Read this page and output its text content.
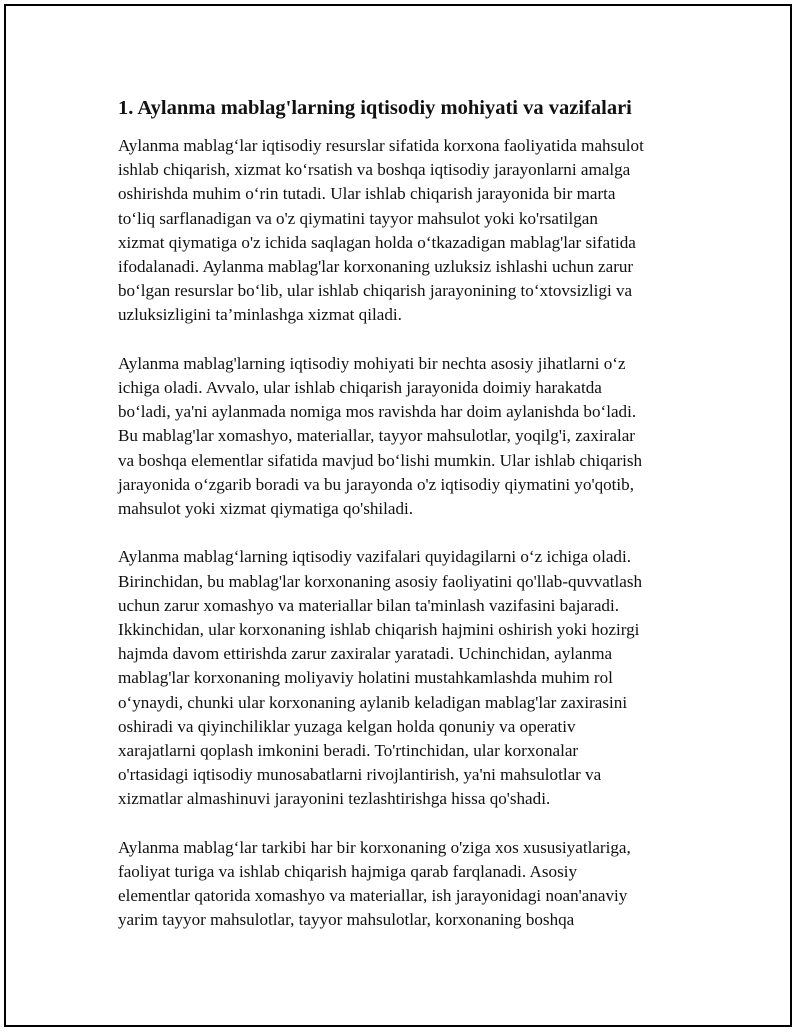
1. Aylanma mablag'larning iqtisodiy mohiyati va vazifalari

Aylanma mablag‘lar iqtisodiy resurslar sifatida korxona faoliyatida mahsulot
ishlab chiqarish, xizmat ko‘rsatish va boshqa iqtisodiy jarayonlarni amalga
oshirishda muhim o‘rin tutadi. Ular ishlab chiqarish jarayonida bir marta
to‘liq sarflanadigan va o'z qiymatini tayyor mahsulot yoki ko'rsatilgan
xizmat qiymatiga o'z ichida saqlagan holda o‘tkazadigan mablag'lar sifatida
ifodalanadi. Aylanma mablag'lar korxonaning uzluksiz ishlashi uchun zarur
bo‘lgan resurslar bo‘lib, ular ishlab chiqarish jarayonining to‘xtovsizligi va
uzluksizligini ta’minlashga xizmat qiladi.

Aylanma mablag'larning iqtisodiy mohiyati bir nechta asosiy jihatlarni o‘z
ichiga oladi. Avvalo, ular ishlab chiqarish jarayonida doimiy harakatda
bo‘ladi, ya'ni aylanmada nomiga mos ravishda har doim aylanishda bo‘ladi.
Bu mablag'lar xomashyo, materiallar, tayyor mahsulotlar, yoqilg'i, zaxiralar
va boshqa elementlar sifatida mavjud bo‘lishi mumkin. Ular ishlab chiqarish
jarayonida o‘zgarib boradi va bu jarayonda o'z iqtisodiy qiymatini yo'qotib,
mahsulot yoki xizmat qiymatiga qo'shiladi.

Aylanma mablag‘larning iqtisodiy vazifalari quyidagilarni o‘z ichiga oladi.
Birinchidan, bu mablag'lar korxonaning asosiy faoliyatini qo'llab-quvvatlash
uchun zarur xomashyo va materiallar bilan ta'minlash vazifasini bajaradi.
Ikkinchidan, ular korxonaning ishlab chiqarish hajmini oshirish yoki hozirgi
hajmda davom ettirishda zarur zaxiralar yaratadi. Uchinchidan, aylanma
mablag'lar korxonaning moliyaviy holatini mustahkamlashda muhim rol
o‘ynaydi, chunki ular korxonaning aylanib keladigan mablag'lar zaxirasini
oshiradi va qiyinchiliklar yuzaga kelgan holda qonuniy va operativ
xarajatlarni qoplash imkonini beradi. To'rtinchidan, ular korxonalar
o'rtasidagi iqtisodiy munosabatlarni rivojlantirish, ya'ni mahsulotlar va
xizmatlar almashinuvi jarayonini tezlashtirishga hissa qo'shadi.

Aylanma mablag‘lar tarkibi har bir korxonaning o'ziga xos xususiyatlariga,
faoliyat turiga va ishlab chiqarish hajmiga qarab farqlanadi. Asosiy
elementlar qatorida xomashyo va materiallar, ish jarayonidagi noan'anaviy
yarim tayyor mahsulotlar, tayyor mahsulotlar, korxonaning boshqa
